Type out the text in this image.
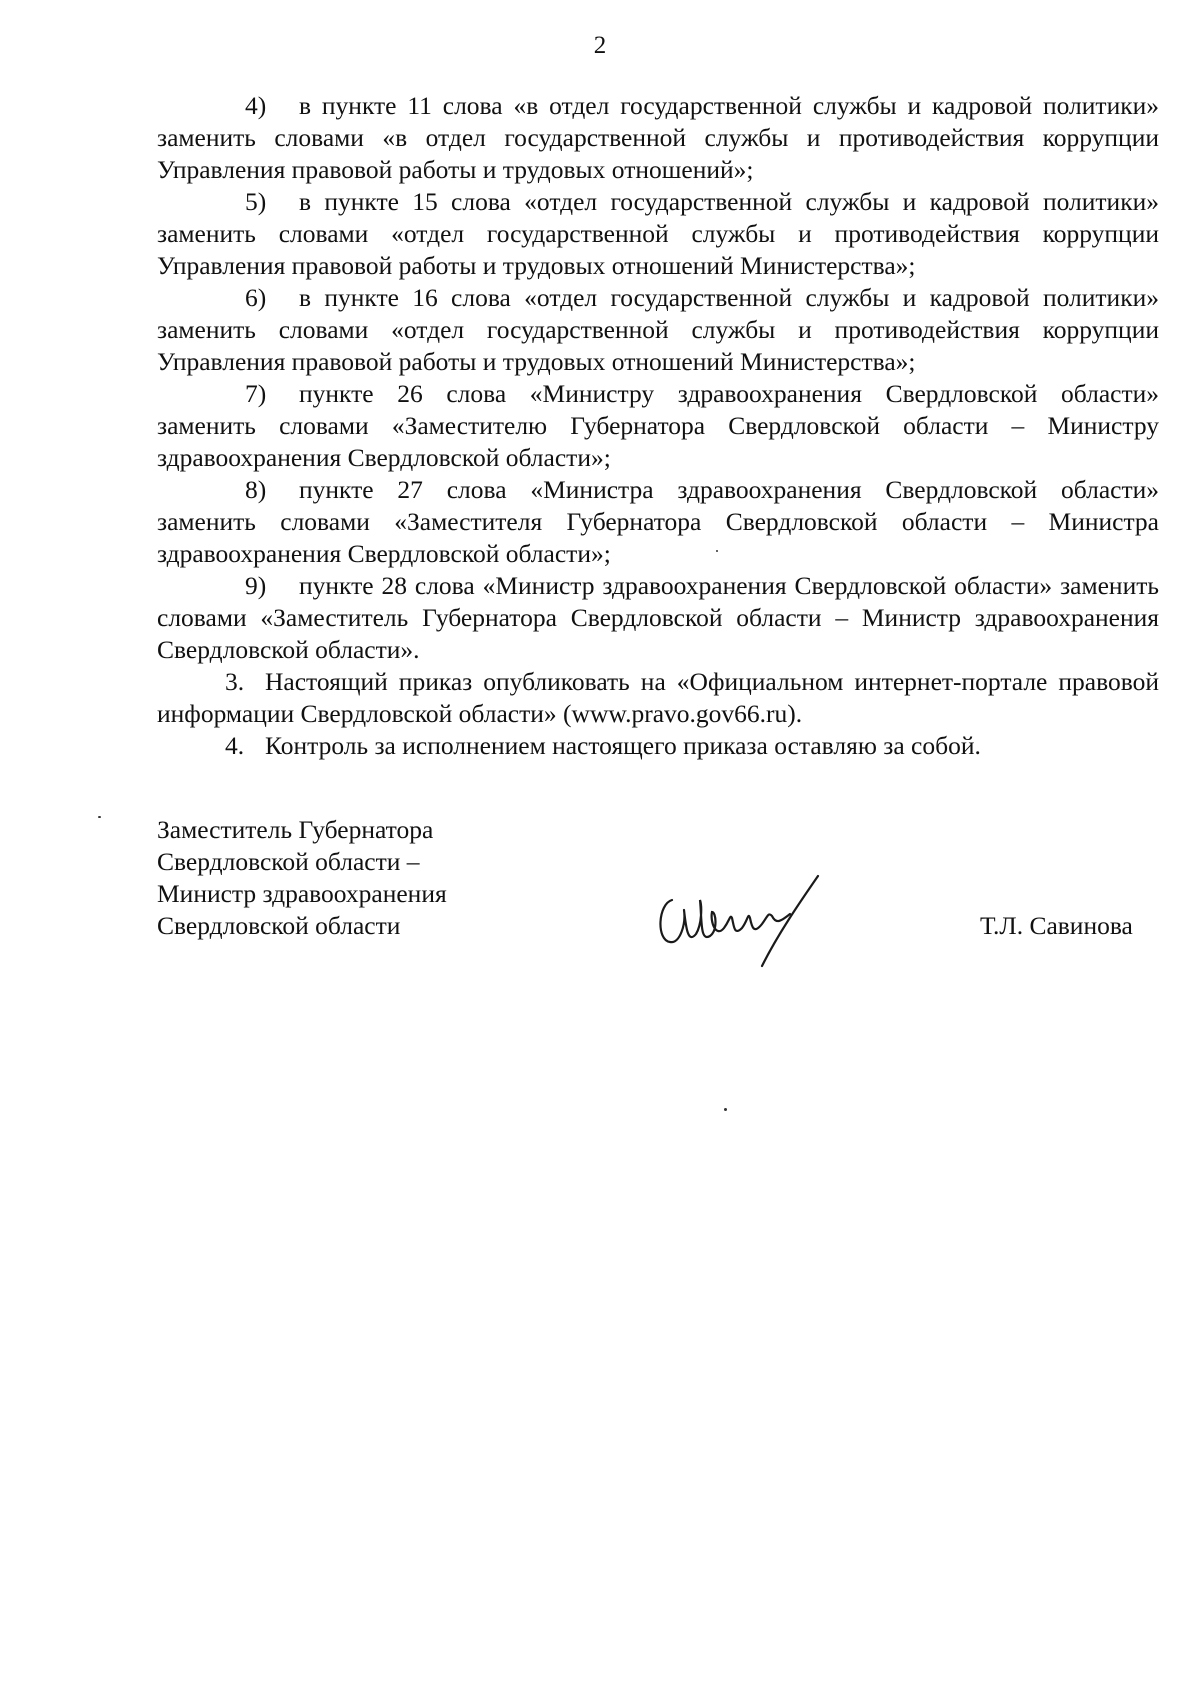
2

4) в пункте 11 слова «в отдел государственной службы и кадровой политики» заменить словами «в отдел государственной службы и противодействия коррупции Управления правовой работы и трудовых отношений»;

5) в пункте 15 слова «отдел государственной службы и кадровой политики» заменить словами «отдел государственной службы и противодействия коррупции Управления правовой работы и трудовых отношений Министерства»;

6) в пункте 16 слова «отдел государственной службы и кадровой политики» заменить словами «отдел государственной службы и противодействия коррупции Управления правовой работы и трудовых отношений Министерства»;

7) пункте 26 слова «Министру здравоохранения Свердловской области» заменить словами «Заместителю Губернатора Свердловской области – Министру здравоохранения Свердловской области»;

8) пункте 27 слова «Министра здравоохранения Свердловской области» заменить словами «Заместителя Губернатора Свердловской области – Министра здравоохранения Свердловской области»;

9) пункте 28 слова «Министр здравоохранения Свердловской области» заменить словами «Заместитель Губернатора Свердловской области – Министр здравоохранения Свердловской области».

3. Настоящий приказ опубликовать на «Официальном интернет-портале правовой информации Свердловской области» (www.pravo.gov66.ru).

4. Контроль за исполнением настоящего приказа оставляю за собой.

Заместитель Губернатора
Свердловской области –
Министр здравоохранения
Свердловской области	Т.Л. Савинова
